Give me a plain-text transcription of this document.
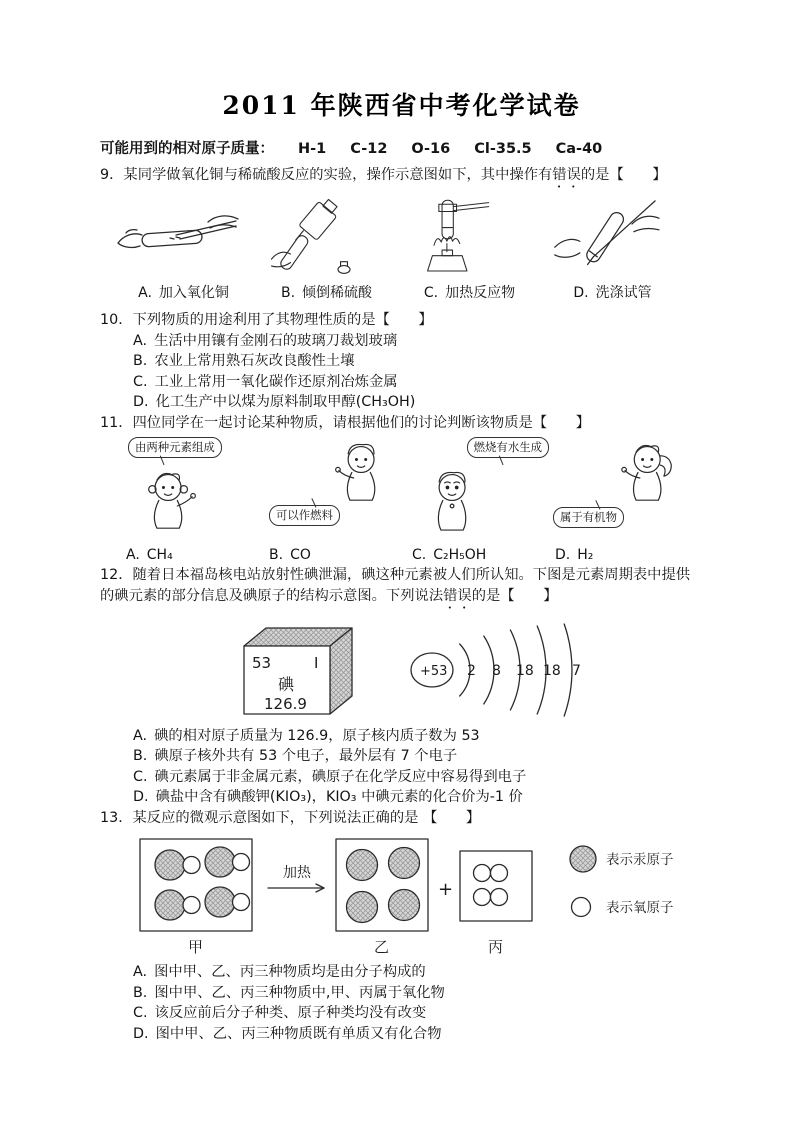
2011 年陕西省中考化学试卷
可能用到的相对原子质量： H-1 C-12 O-16 Cl-35.5 Ca-40
9．某同学做氧化铜与稀硫酸反应的实验，操作示意图如下，其中操作有错误的是【　　】
A. 加入氧化铜	B. 倾倒稀硫酸	C. 加热反应物	D. 洗涤试管
10．下列物质的用途利用了其物理性质的是【　　】
A. 生活中用镶有金刚石的玻璃刀裁划玻璃
B. 农业上常用熟石灰改良酸性土壤
C. 工业上常用一氧化碳作还原剂冶炼金属
D. 化工生产中以煤为原料制取甲醇(CH₃OH)
11．四位同学在一起讨论某种物质，请根据他们的讨论判断该物质是【　　】
由两种元素组成
A. CH₄
可以作燃料
B. CO
燃烧有水生成
C. C₂H₅OH
属于有机物
D. H₂
12．随着日本福岛核电站放射性碘泄漏，碘这种元素被人们所认知。下图是元素周期表中提供的碘元素的部分信息及碘原子的结构示意图。下列说法错误的是【　　】
53	I
碘
126.9
+53 2 8 18 18 7
A. 碘的相对原子质量为 126.9，原子核内质子数为 53
B. 碘原子核外共有 53 个电子，最外层有 7 个电子
C. 碘元素属于非金属元素，碘原子在化学反应中容易得到电子
D. 碘盐中含有碘酸钾(KIO₃)，KIO₃ 中碘元素的化合价为-1 价
13．某反应的微观示意图如下，下列说法正确的是 【　　】
加热
+
甲	乙	丙
表示汞原子
表示氧原子
A. 图中甲、乙、丙三种物质均是由分子构成的
B. 图中甲、乙、丙三种物质中,甲、丙属于氧化物
C. 该反应前后分子种类、原子种类均没有改变
D. 图中甲、乙、丙三种物质既有单质又有化合物
